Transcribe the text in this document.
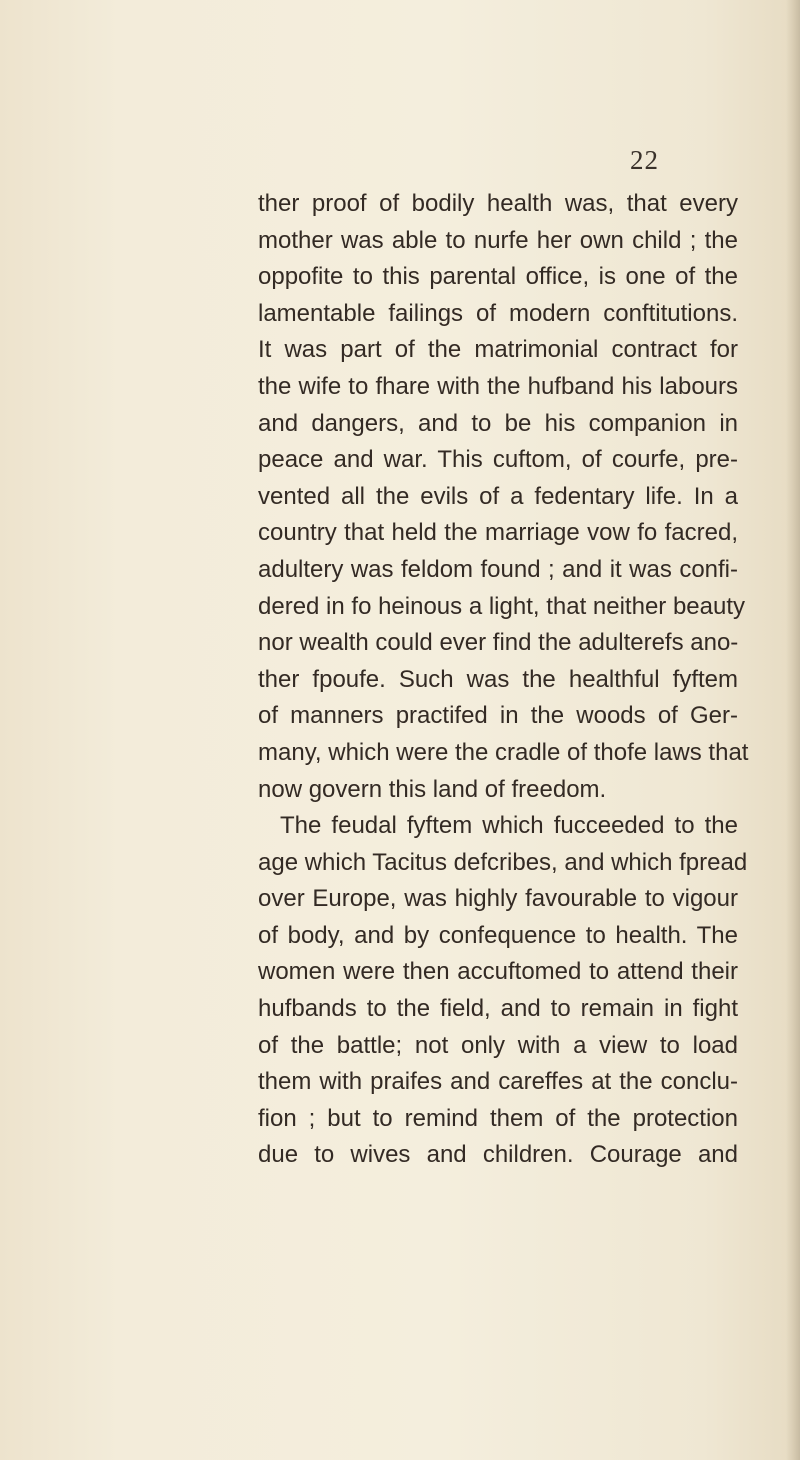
22
ther proof of bodily health was, that every
mother was able to nurfe her own child ; the
oppofite to this parental office, is one of the
lamentable failings of modern conftitutions.
It was part of the matrimonial contract for
the wife to fhare with the hufband his labours
and dangers, and to be his companion in
peace and war. This cuftom, of courfe, pre-
vented all the evils of a fedentary life. In a
country that held the marriage vow fo facred,
adultery was feldom found ; and it was confi-
dered in fo heinous a light, that neither beauty
nor wealth could ever find the adulterefs ano-
ther fpoufe. Such was the healthful fyftem
of manners practifed in the woods of Ger-
many, which were the cradle of thofe laws that
now govern this land of freedom.
The feudal fyftem which fucceeded to the
age which Tacitus defcribes, and which fpread
over Europe, was highly favourable to vigour
of body, and by confequence to health. The
women were then accuftomed to attend their
hufbands to the field, and to remain in fight
of the battle; not only with a view to load
them with praifes and careffes at the conclu-
fion ; but to remind them of the protection
due to wives and children. Courage and
